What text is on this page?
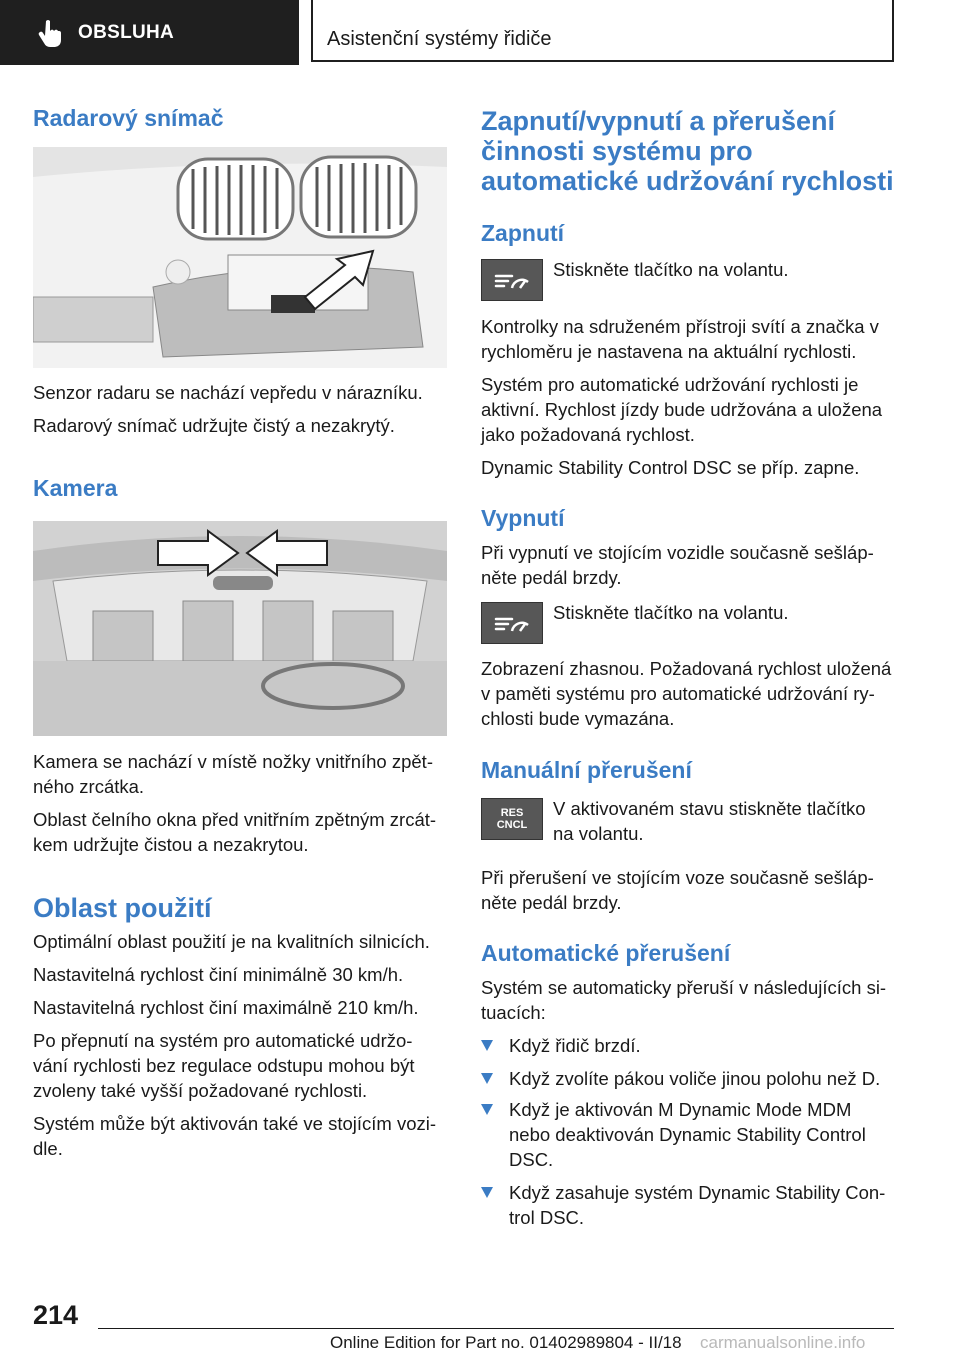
OBSLUHA	Asistenční systémy řidiče
Radarový snímač
Senzor radaru se nachází vepředu v nárazníku.
Radarový snímač udržujte čistý a nezakrytý.
Kamera
Kamera se nachází v místě nožky vnitřního zpět‐
ného zrcátka.
Oblast čelního okna před vnitřním zpětným zrcát‐
kem udržujte čistou a nezakrytou.
Oblast použití
Optimální oblast použití je na kvalitních silnicích.
Nastavitelná rychlost činí minimálně 30 km/h.
Nastavitelná rychlost činí maximálně 210 km/h.
Po přepnutí na systém pro automatické udržo‐
vání rychlosti bez regulace odstupu mohou být
zvoleny také vyšší požadované rychlosti.
Systém může být aktivován také ve stojícím vozi‐
dle.
Zapnutí/vypnutí a přerušení
činnosti systému pro
automatické udržování rychlosti
Zapnutí
Stiskněte tlačítko na volantu.
Kontrolky na sdruženém přístroji svítí a značka v
rychloměru je nastavena na aktuální rychlosti.
Systém pro automatické udržování rychlosti je
aktivní. Rychlost jízdy bude udržována a uložena
jako požadovaná rychlost.
Dynamic Stability Control DSC se příp. zapne.
Vypnutí
Při vypnutí ve stojícím vozidle současně sešláp‐
něte pedál brzdy.
Stiskněte tlačítko na volantu.
Zobrazení zhasnou. Požadovaná rychlost uložená
v paměti systému pro automatické udržování ry‐
chlosti bude vymazána.
Manuální přerušení
RES
CNCL
V aktivovaném stavu stiskněte tlačítko
na volantu.
Při přerušení ve stojícím voze současně sešláp‐
něte pedál brzdy.
Automatické přerušení
Systém se automaticky přeruší v následujících si‐
tuacích:
Když řidič brzdí.
Když zvolíte pákou voliče jinou polohu než D.
Když je aktivován M Dynamic Mode MDM
nebo deaktivován Dynamic Stability Control
DSC.
Když zasahuje systém Dynamic Stability Con‐
trol DSC.
214
Online Edition for Part no. 01402989804 - II/18 carmanualsonline.info
